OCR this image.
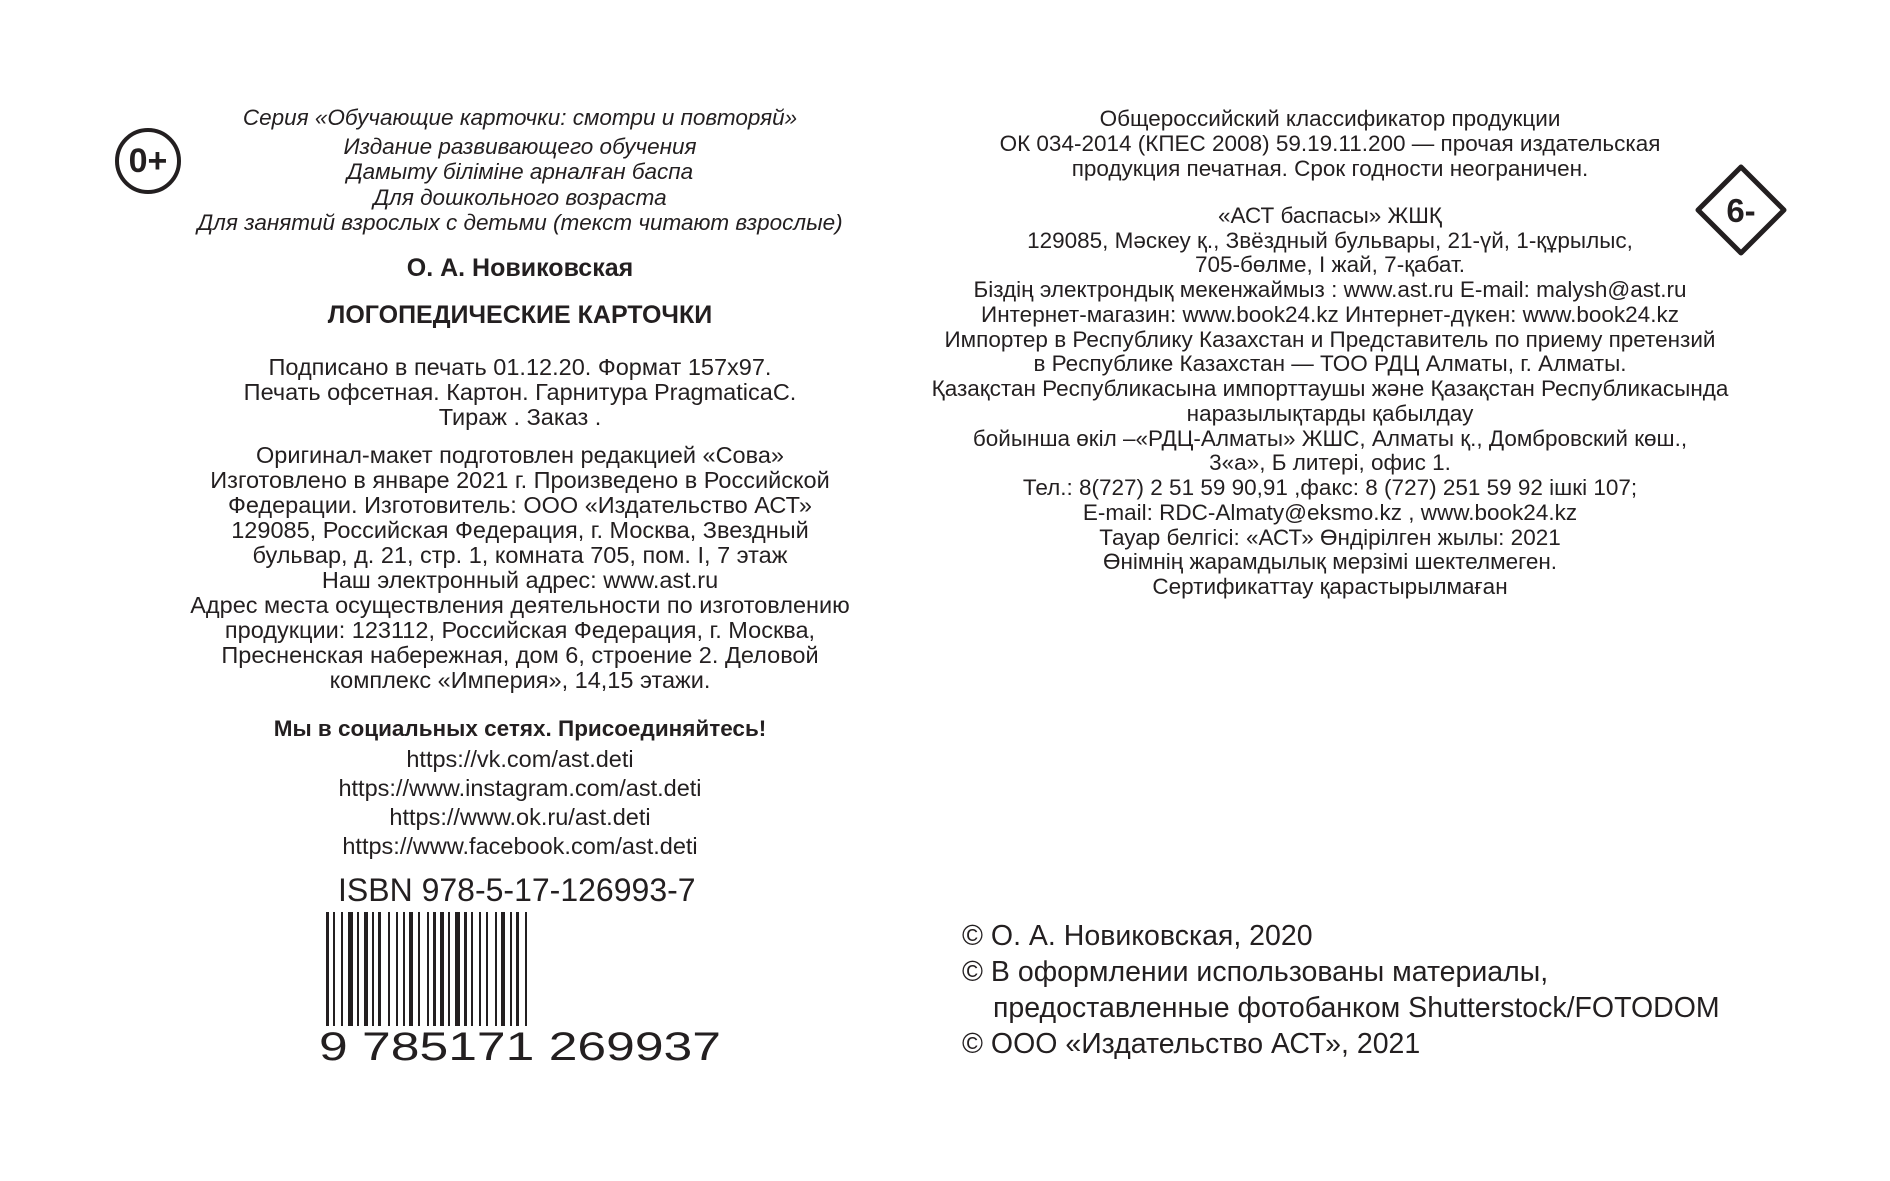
0+
Серия «Обучающие карточки: смотри и повторяй»
Издание развивающего обучения
Дамыту біліміне арналған баспа
Для дошкольного возраста
Для занятий взрослых с детьми (текст читают взрослые)
О. А. Новиковская
ЛОГОПЕДИЧЕСКИЕ КАРТОЧКИ
Подписано в печать 01.12.20. Формат 157х97.
Печать офсетная. Картон. Гарнитура PragmaticaC.
Тираж . Заказ .
Оригинал-макет подготовлен редакцией «Сова»
Изготовлено в январе 2021 г. Произведено в Российской
Федерации. Изготовитель: ООО «Издательство АСТ»
129085, Российская Федерация, г. Москва, Звездный
бульвар, д. 21, стр. 1, комната 705, пом. I, 7 этаж
Наш электронный адрес: www.ast.ru
Адрес места осуществления деятельности по изготовлению
продукции: 123112, Российская Федерация, г. Москва,
Пресненская набережная, дом 6, строение 2. Деловой
комплекс «Империя», 14,15 этажи.
Мы в социальных сетях. Присоединяйтесь!
https://vk.com/ast.deti
https://www.instagram.com/ast.deti
https://www.ok.ru/ast.deti
https://www.facebook.com/ast.deti
ISBN 978-5-17-126993-7
9 785171 269937
Общероссийский классификатор продукции
ОК 034-2014 (КПЕС 2008) 59.19.11.200 — прочая издательская
продукция печатная. Срок годности неограничен.
6-
«АСТ баспасы» ЖШҚ
129085, Мәскеу қ., Звёздный бульвары, 21-үй, 1-құрылыс,
705-бөлме, I жай, 7-қабат.
Біздің электрондық мекенжаймыз : www.ast.ru E-mail: malysh@ast.ru
Интернет-магазин: www.book24.kz Интернет-дүкен: www.book24.kz
Импортер в Республику Казахстан и Представитель по приему претензий
в Республике Казахстан — ТОО РДЦ Алматы, г. Алматы.
Қазақстан Республикасына импорттаушы және Қазақстан Республикасында
наразылықтарды қабылдау
бойынша өкіл –«РДЦ-Алматы» ЖШС, Алматы қ., Домбровский көш.,
3«а», Б литері, офис 1.
Тел.: 8(727) 2 51 59 90,91 ,факс: 8 (727) 251 59 92 ішкі 107;
E-mail: RDC-Almaty@eksmo.kz , www.book24.kz
Тауар белгісі: «АСТ» Өндірілген жылы: 2021
Өнімнің жарамдылық мерзімі шектелмеген.
Сертификаттау қарастырылмаған
© О. А. Новиковская, 2020
© В оформлении использованы материалы,
предоставленные фотобанком Shutterstock/FOTODOM
© ООО «Издательство АСТ», 2021
